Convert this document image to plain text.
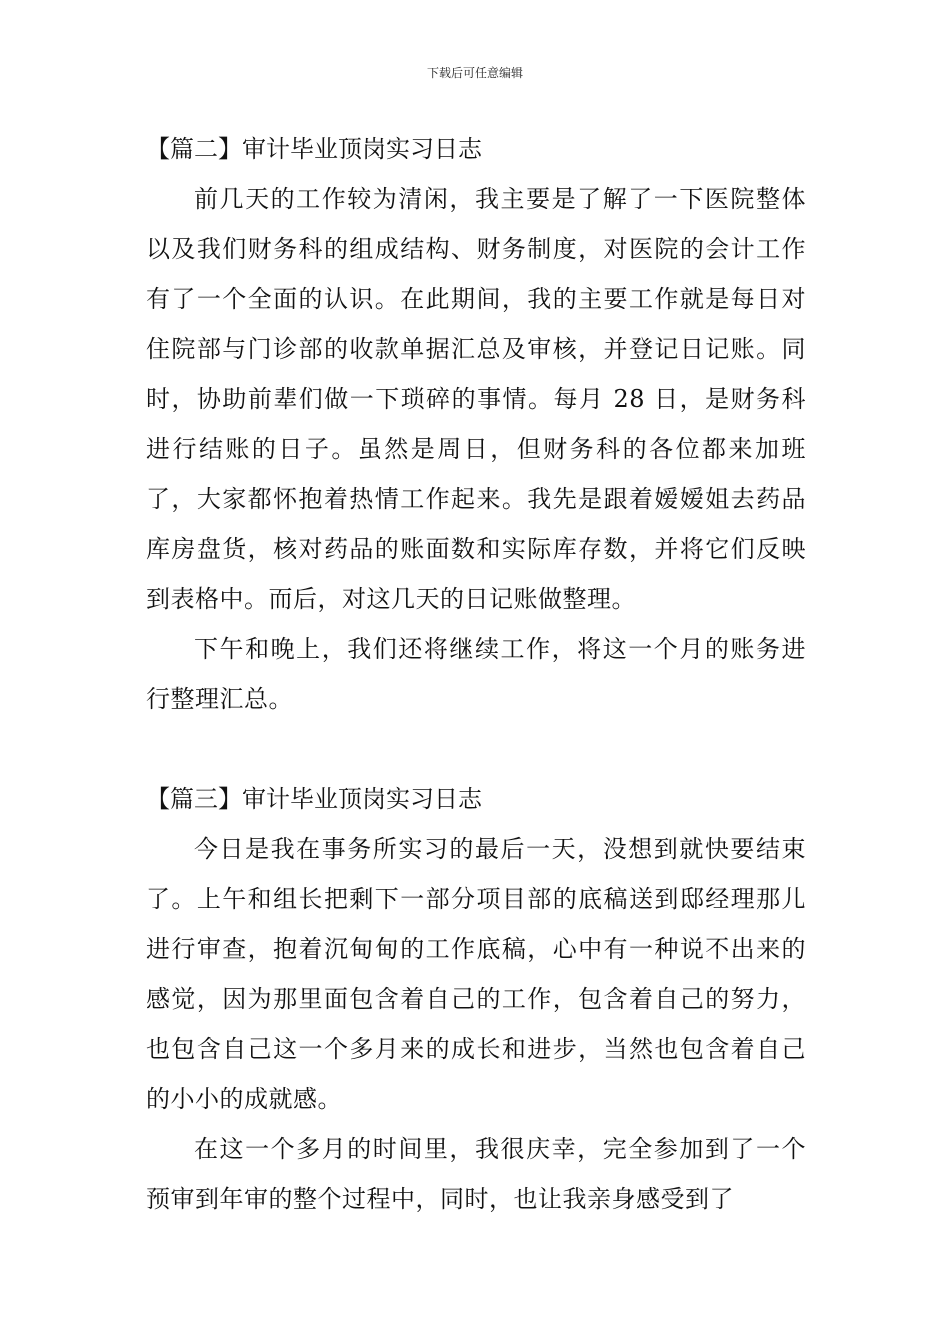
下载后可任意编辑
【篇二】审计毕业顶岗实习日志

前几天的工作较为清闲，我主要是了解了一下医院整体以及我们财务科的组成结构、财务制度，对医院的会计工作有了一个全面的认识。在此期间，我的主要工作就是每日对住院部与门诊部的收款单据汇总及审核，并登记日记账。同时，协助前辈们做一下琐碎的事情。每月 28 日，是财务科进行结账的日子。虽然是周日，但财务科的各位都来加班了，大家都怀抱着热情工作起来。我先是跟着嫒嫒姐去药品库房盘货，核对药品的账面数和实际库存数，并将它们反映到表格中。而后，对这几天的日记账做整理。

下午和晚上，我们还将继续工作，将这一个月的账务进行整理汇总。

【篇三】审计毕业顶岗实习日志

今日是我在事务所实习的最后一天，没想到就快要结束了。上午和组长把剩下一部分项目部的底稿送到邸经理那儿进行审查，抱着沉甸甸的工作底稿，心中有一种说不出来的感觉，因为那里面包含着自己的工作，包含着自己的努力，也包含自己这一个多月来的成长和进步，当然也包含着自己的小小的成就感。

在这一个多月的时间里，我很庆幸，完全参加到了一个预审到年审的整个过程中，同时，也让我亲身感受到了
